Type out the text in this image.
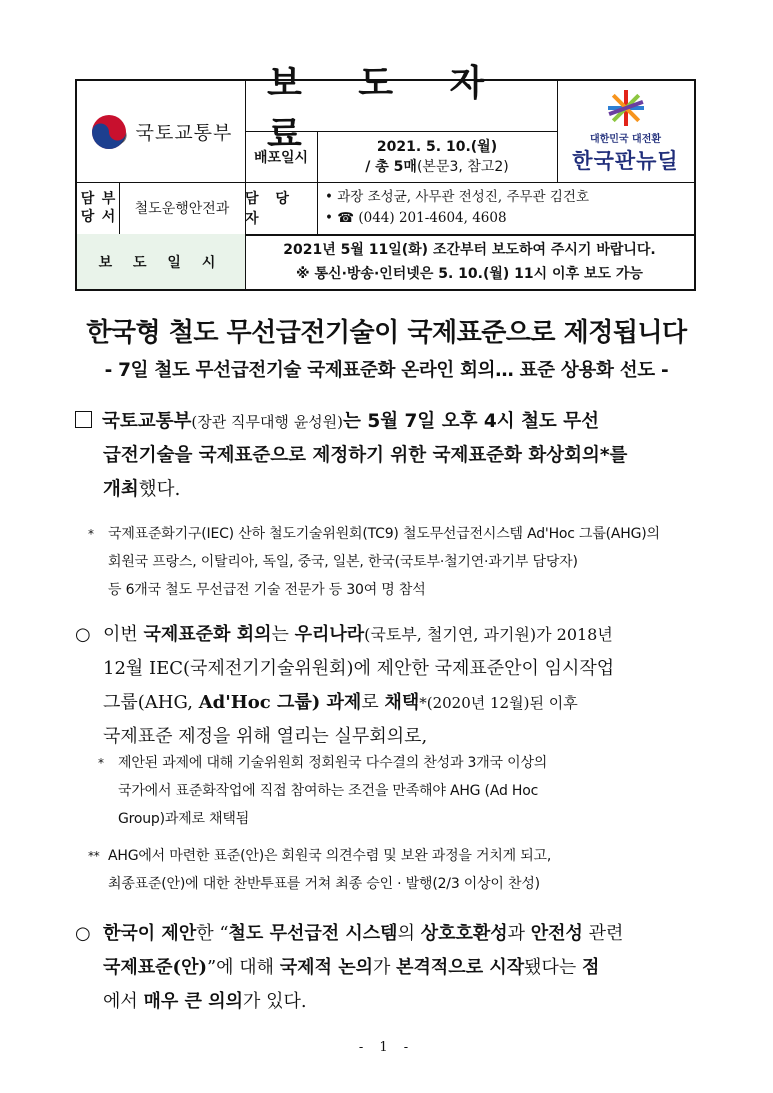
국토교통부
보 도 자 료
배포일시
2021. 5. 10.(월)
/ 총 5매(본문3, 참고2)
대한민국 대전환
한국판뉴딜
담당

부서	철도운행안전과
담 당 자
• 과장 조성균, 사무관 전성진, 주무관 김건호
• ☎ (044) 201-4604, 4608
보 도 일 시
2021년 5월 11일(화) 조간부터 보도하여 주시기 바랍니다.
※ 통신·방송·인터넷은 5. 10.(월) 11시 이후 보도 가능
한국형 철도 무선급전기술이 국제표준으로 제정됩니다
- 7일 철도 무선급전기술 국제표준화 온라인 회의… 표준 상용화 선도 -
국토교통부(장관 직무대행 윤성원)는 5월 7일 오후 4시 철도 무선
급전기술을 국제표준으로 제정하기 위한 국제표준화 화상회의*를
개최했다.
* 국제표준화기구(IEC) 산하 철도기술위원회(TC9) 철도무선급전시스템 Ad'Hoc 그룹(AHG)의
회원국 프랑스, 이탈리아, 독일, 중국, 일본, 한국(국토부·철기연·과기부 담당자)
등 6개국 철도 무선급전 기술 전문가 등 30여 명 참석
○ 이번 국제표준화 회의는 우리나라(국토부, 철기연, 과기원)가 2018년
12월 IEC(국제전기기술위원회)에 제안한 국제표준안이 임시작업
그룹(AHG, Ad'Hoc 그룹) 과제로 채택*(2020년 12월)된 이후
국제표준 제정을 위해 열리는 실무회의로,
* 제안된 과제에 대해 기술위원회 정회원국 다수결의 찬성과 3개국 이상의
국가에서 표준화작업에 직접 참여하는 조건을 만족해야 AHG (Ad Hoc
Group)과제로 채택됨
** AHG에서 마련한 표준(안)은 회원국 의견수렴 및 보완 과정을 거치게 되고,
최종표준(안)에 대한 찬반투표를 거쳐 최종 승인 · 발행(2/3 이상이 찬성)
○ 한국이 제안한 “철도 무선급전 시스템의 상호호환성과 안전성 관련
국제표준(안)”에 대해 국제적 논의가 본격적으로 시작됐다는 점
에서 매우 큰 의의가 있다.
- 1 -
